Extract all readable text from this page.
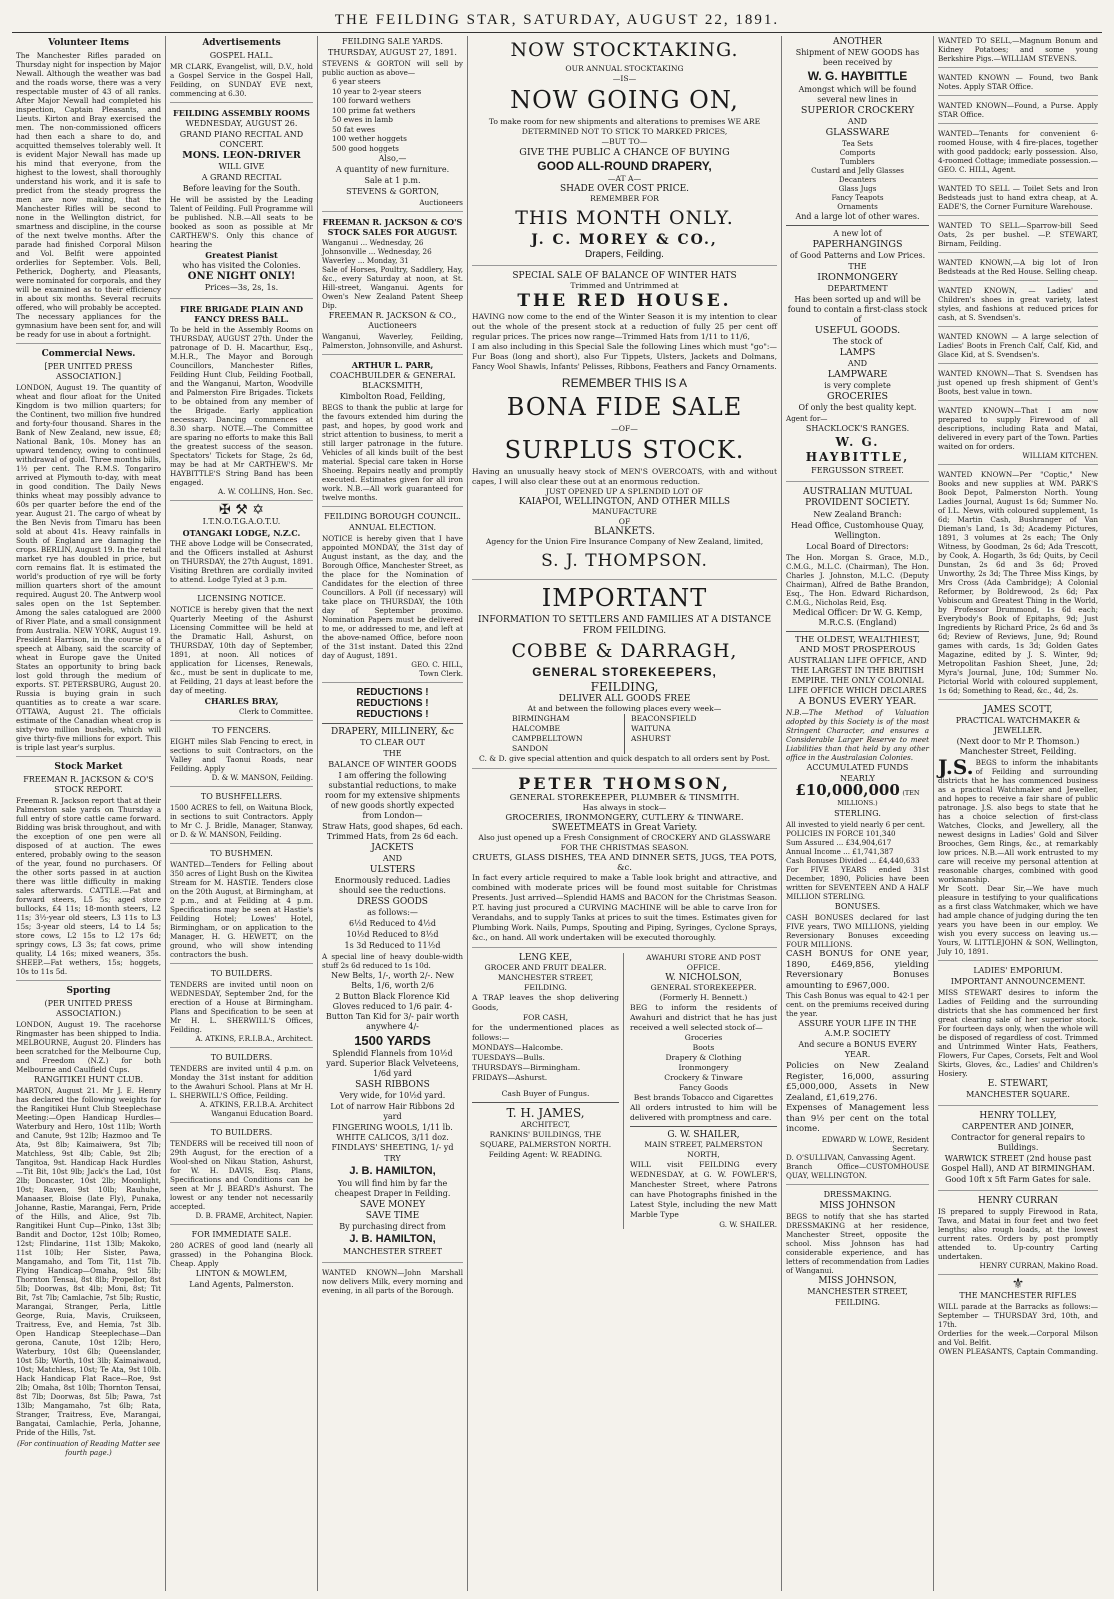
THE FEILDING STAR, SATURDAY, AUGUST 22, 1891.
Volunteer Items
The Manchester Rifles paraded on Thursday night for inspection by Major Newall. Although the weather was bad and the roads worse, there was a very respectable muster of 43 of all ranks. After Major Newall had completed his inspection, Captain Pleasants, and Lieuts. Kirton and Bray exercised the men. The non-commissioned officers had then each a share to do, and acquitted themselves tolerably well. It is evident Major Newall has made up his mind that everyone, from the highest to the lowest, shall thoroughly understand his work, and it is safe to predict from the steady progress the men are now making, that the Manchester Rifles will be second to none in the Wellington district, for smartness and discipline, in the course of the next twelve months. After the parade had finished Corporal Milson and Vol. Belfit were appointed orderlies for September. Vols. Bell, Petherick, Dogherty, and Pleasants, were nominated for corporals, and they will be examined as to their efficiency in about six months. Several recruits offered, who will probably be accepted. The necessary appliances for the gymnasium have been sent for, and will be ready for use in about a fortnight.
Commercial News.
[PER UNITED PRESS ASSOCIATION.]
LONDON, August 19. The quantity of wheat and flour afloat for the United Kingdom is two million quarters; for the Continent, two million five hundred and forty-four thousand. Shares in the Bank of New Zealand, new issue, £8; National Bank, 10s. Money has an upward tendency, owing to continued withdrawal of gold. Three months bills, 1½ per cent. The R.M.S. Tongariro arrived at Plymouth to-day, with meat in good condition. The Daily News thinks wheat may possibly advance to 60s per quarter before the end of the year. August 21. The cargo of wheat by the Ben Nevis from Timaru has been sold at about 41s. Heavy rainfalls in South of England are damaging the crops. BERLIN, August 19. In the retail market rye has doubled in price, but corn remains flat. It is estimated the world's production of rye will be forty million quarters short of the amount required. August 20. The Antwerp wool sales open on the 1st September. Among the sales catalogued are 2000 of River Plate, and a small consignment from Australia. NEW YORK, August 19. President Harrison, in the course of a speech at Albany, said the scarcity of wheat in Europe gave the United States an opportunity to bring back lost gold through the medium of exports. ST. PETERSBURG, August 20. Russia is buying grain in such quantities as to create a war scare. OTTAWA, August 21. The officials estimate of the Canadian wheat crop is sixty-two million bushels, which will give thirty-five millions for export. This is triple last year's surplus.
Stock Market
FREEMAN R. JACKSON & CO'S STOCK REPORT.
Freeman R. Jackson report that at their Palmerston sale yards on Thursday a full entry of store cattle came forward. Bidding was brisk throughout, and with the exception of one pen were all disposed of at auction. The ewes entered, probably owing to the season of the year, found no purchasers. Of the other sorts passed in at auction there was little difficulty in making sales afterwards. CATTLE.—Fat and forward steers, L5 5s; aged store bullocks, £4 11s; 18-month steers, L2 11s; 3½-year old steers, L3 11s to L3 15s; 3-year old steers, L4 to L4 5s; store cows, L2 15s to L2 17s 6d; springy cows, L3 3s; fat cows, prime quality, L4 16s; mixed weaners, 35s. SHEEP.—Fat wethers, 15s; hoggets, 10s to 11s 5d.
Sporting
(PER UNITED PRESS ASSOCIATION.)
LONDON, August 19. The racehorse Ringmaster has been shipped to India. MELBOURNE, August 20. Flinders has been scratched for the Melbourne Cup, and Freedom (N.Z.) for both Melbourne and Caulfield Cups.
RANGITIKEI HUNT CLUB.
MARTON, August 21. Mr J. E. Henry has declared the following weights for the Rangitikei Hunt Club Steeplechase Meeting:—Open Handicap Hurdles—Waterbury and Hero, 10st 11lb; Worth and Canute, 9st 12lb; Hazmoo and Te Ata, 9st 8lb; Kaimaiwera, 9st 7lb; Matchless, 9st 4lb; Cable, 9st 2lb; Tangitoa, 9st. Handicap Hack Hurdles—Tit Bit, 10st 9lb; Jack's the Lad, 10st 2lb; Doncaster, 10st 2lb; Moonlight, 10st; Raven, 9st 10lb; Rauhuhe, Manaaser, Bloise (late Fly), Punaka, Johanne, Rastie, Marangai, Fern, Pride of the Hills, and Alice, 9st 7lb. Rangitikei Hunt Cup—Pinko, 13st 3lb; Bandit and Doctor, 12st 10lb; Romeo, 12st; Flindarine, 11st 13lb; Makoko, 11st 10lb; Her Sister, Pawa, Mangamaho, and Tom Tit, 11st 7lb. Flying Handicap—Omaha, 9st 5lb; Thornton Tensai, 8st 8lb; Propellor, 8st 5lb; Doorwas, 8st 4lb; Moni, 8st; Tit Bit, 7st 7lb; Camlachie, 7st 5lb; Rustic, Marangai, Stranger, Perla, Little George, Ruia, Mavis, Cruikseen, Traitress, Eve, and Hemia, 7st 3lb. Open Handicap Steeplechase—Dan gerona, Canute, 10st 12lb; Hero, Waterbury, 10st 6lb; Queenslander, 10st 5lb; Worth, 10st 3lb; Kaimaiwaud, 10st; Matchless, 10st; Te Ata, 9st 10lb. Hack Handicap Flat Race—Roe, 9st 2lb; Omaha, 8st 10lb; Thornton Tensai, 8st 7lb; Doorwas, 8st 5lb; Pawa, 7st 13lb; Mangamaho, 7st 6lb; Rata, Stranger, Traitress, Eve, Marangai, Bangatai, Camlachie, Perla, Johanne, Pride of the Hills, 7st.
(For continuation of Reading Matter see fourth page.)
Advertisements
GOSPEL HALL.
MR CLARK, Evangelist, will, D.V., hold a Gospel Service in the Gospel Hall, Feilding, on SUNDAY EVE next, commencing at 6.30.
FEILDING ASSEMBLY ROOMS
WEDNESDAY, AUGUST 26.
GRAND PIANO RECITAL AND CONCERT.
MONS. LEON-DRIVER
WILL GIVE
A GRAND RECITAL
Before leaving for the South.
He will be assisted by the Leading Talent of Feilding. Full Programme will be published. N.B.—All seats to be booked as soon as possible at Mr CARTHEW'S. Only this chance of hearing the
Greatest Pianist
who has visited the Colonies.
ONE NIGHT ONLY!
Prices—3s, 2s, 1s.
FIRE BRIGADE PLAIN AND FANCY DRESS BALL.
To be held in the Assembly Rooms on THURSDAY, AUGUST 27th. Under the patronage of D. H. Macarthur, Esq., M.H.R., The Mayor and Borough Councillors, Manchester Rifles, Feilding Hunt Club, Feilding Football, and the Wanganui, Marton, Woodville and Palmerston Fire Brigades. Tickets to be obtained from any member of the Brigade. Early application necessary. Dancing commences at 8.30 sharp. NOTE.—The Committee are sparing no efforts to make this Ball the greatest success of the season. Spectators' Tickets for Stage, 2s 6d, may be had at Mr CARTHEW'S. Mr HAYBITTLE'S String Band has been engaged.
A. W. COLLINS, Hon. Sec.
✠ ⚒ ✡
I.T.N.O.T.G.A.O.T.U.
OTANGAKI LODGE, N.Z.C.
THE above Lodge will be Consecrated, and the Officers installed at Ashurst on THURSDAY, the 27th August, 1891. Visiting Brethren are cordially invited to attend. Lodge Tyled at 3 p.m.
LICENSING NOTICE.
NOTICE is hereby given that the next Quarterly Meeting of the Ashurst Licensing Committee will be held at the Dramatic Hall, Ashurst, on THURSDAY, 10th day of September, 1891, at noon. All notices of application for Licenses, Renewals, &c., must be sent in duplicate to me, at Feilding, 21 days at least before the day of meeting.
CHARLES BRAY,
Clerk to Committee.
TO FENCERS.
EIGHT miles Slab Fencing to erect, in sections to suit Contractors, on the Valley and Taonui Roads, near Feilding. Apply
D. & W. MANSON, Feilding.
TO BUSHFELLERS.
1500 ACRES to fell, on Waituna Block, in sections to suit Contractors. Apply to Mr C. J. Bridle, Manager, Stanway, or D. & W. MANSON, Feilding.
TO BUSHMEN.
WANTED—Tenders for Felling about 350 acres of Light Bush on the Kiwitea Stream for M. HASTIE. Tenders close on the 20th August, at Birmingham, at 2 p.m., and at Feilding at 4 p.m. Specifications may be seen at Hastie's Feilding Hotel; Lowes' Hotel, Birmingham, or on application to the Manager, H. G. HEWETT, on the ground, who will show intending contractors the bush.
TO BUILDERS.
TENDERS are invited until noon on WEDNESDAY, September 2nd, for the erection of a House at Birmingham. Plans and Specification to be seen at Mr H. L. SHERWILL'S Offices, Feilding.
A. ATKINS, F.R.I.B.A., Architect.
TO BUILDERS.
TENDERS are invited until 4 p.m. on Monday the 31st instant for addition to the Awahuri School. Plans at Mr H. L. SHERWILL'S Office, Feilding.
A. ATKINS, F.R.I.B.A. Architect Wanganui Education Board.
TO BUILDERS.
TENDERS will be received till noon of 29th August, for the erection of a Wool-shed on Nikau Station, Ashurst, for W. H. DAVIS, Esq. Plans, Specifications and Conditions can be seen at Mr J. BEARD's Ashurst. The lowest or any tender not necessarily accepted.
D. B. FRAME, Architect, Napier.
FOR IMMEDIATE SALE.
280 ACRES of good land (nearly all grassed) in the Pohangina Block. Cheap. Apply
LINTON & MOWLEM,
Land Agents, Palmerston.
FEILDING SALE YARDS.
THURSDAY, AUGUST 27, 1891.
STEVENS & GORTON will sell by public auction as above—
6 year steers
10 year to 2-year steers
100 forward wethers
100 prime fat wethers
50 ewes in lamb
50 fat ewes
100 wether hoggets
500 good hoggets
Also,—
A quantity of new furniture.
Sale at 1 p.m.
STEVENS & GORTON,
Auctioneers
FREEMAN R. JACKSON & CO'S STOCK SALES FOR AUGUST.
Wanganui ... Wednesday, 26
Johnsonville ... Wednesday, 26
Waverley ... Monday, 31
Sale of Horses, Poultry, Saddlery, Hay, &c., every Saturday at noon, at St. Hill-street, Wanganui. Agents for Owen's New Zealand Patent Sheep Dip.
FREEMAN R. JACKSON & CO., Auctioneers
Wanganui, Waverley, Feilding, Palmerston, Johnsonville, and Ashurst.
ARTHUR L. PARR,
COACHBUILDER & GENERAL BLACKSMITH,
Kimbolton Road, Feilding,
BEGS to thank the public at large for the favours extended him during the past, and hopes, by good work and strict attention to business, to merit a still larger patronage in the future. Vehicles of all kinds built of the best material. Special care taken in Horse Shoeing. Repairs neatly and promptly executed. Estimates given for all iron work. N.B.—All work guaranteed for twelve months.
FEILDING BOROUGH COUNCIL.
ANNUAL ELECTION.
NOTICE is hereby given that I have appointed MONDAY, the 31st day of August instant, as the day, and the Borough Office, Manchester Street, as the place for the Nomination of Candidates for the election of three Councillors. A Poll (if necessary) will take place on THURSDAY, the 10th day of September proximo. Nomination Papers must be delivered to me, or addressed to me, and left at the above-named Office, before noon of the 31st instant. Dated this 22nd day of August, 1891.
GEO. C. HILL,
Town Clerk.
REDUCTIONS !
REDUCTIONS !
REDUCTIONS !
DRAPERY, MILLINERY, &c
TO CLEAR OUT
THE
BALANCE OF WINTER GOODS
I am offering the following substantial reductions, to make room for my extensive shipments of new goods shortly expected from London—
Straw Hats, good shapes, 6d each. Trimmed Hats, from 2s 6d each.
JACKETS
AND
ULSTERS
Enormously reduced. Ladies should see the reductions.
DRESS GOODS
as follows:—
6½d Reduced to 4½d
10½d Reduced to 8½d
1s 3d Reduced to 11½d
A special line of heavy double-width stuff 2s 6d reduced to 1s 10d.
New Belts, 1/-, worth 2/-. New Belts, 1/6, worth 2/6
2 Button Black Florence Kid Gloves reduced to 1/6 pair. 4-Button Tan Kid for 3/- pair worth anywhere 4/-
1500 YARDS
Splendid Flannels from 10½d yard. Superior Black Velveteens, 1/6d yard
SASH RIBBONS
Very wide, for 10½d yard.
Lot of narrow Hair Ribbons 2d yard
FINGERING WOOLS, 1/11 lb. WHITE CALICOS, 3/11 doz. FINDLAYS' SHEETING, 1/- yd
TRY
J. B. HAMILTON,
You will find him by far the cheapest Draper in Feilding.
SAVE MONEY
SAVE TIME
By purchasing direct from
J. B. HAMILTON,
MANCHESTER STREET
WANTED KNOWN—John Marshall now delivers Milk, every morning and evening, in all parts of the Borough.
NOW STOCKTAKING.
OUR ANNUAL STOCKTAKING
—IS—
NOW GOING ON,
To make room for new shipments and alterations to premises WE ARE DETERMINED NOT TO STICK TO MARKED PRICES,
—BUT TO—
GIVE THE PUBLIC A CHANCE OF BUYING
GOOD ALL-ROUND DRAPERY,
—AT A—
SHADE OVER COST PRICE.
REMEMBER FOR
THIS MONTH ONLY.
J. C. MOREY & CO.,
Drapers, Feilding.
SPECIAL SALE OF BALANCE OF WINTER HATS
Trimmed and Untrimmed at
THE RED HOUSE.
HAVING now come to the end of the Winter Season it is my intention to clear out the whole of the present stock at a reduction of fully 25 per cent off regular prices. The prices now range—Trimmed Hats from 1/11 to 11/6,
I am also including in this Special Sale the following Lines which must "go":—Fur Boas (long and short), also Fur Tippets, Ulsters, Jackets and Dolmans, Fancy Wool Shawls, Infants' Pelisses, Ribbons, Feathers and Fancy Ornaments.
REMEMBER THIS IS A
BONA FIDE SALE
—OF—
SURPLUS STOCK.
Having an unusually heavy stock of MEN'S OVERCOATS, with and without capes, I will also clear these out at an enormous reduction.
JUST OPENED UP A SPLENDID LOT OF
KAIAPOI, WELLINGTON, AND OTHER MILLS
MANUFACTURE
OF
BLANKETS.
Agency for the Union Fire Insurance Company of New Zealand, limited,
S. J. THOMPSON.
IMPORTANT
INFORMATION TO SETTLERS AND FAMILIES AT A DISTANCE FROM FEILDING.
COBBE & DARRAGH,
GENERAL STOREKEEPERS,
FEILDING,
DELIVER ALL GOODS FREE
At and between the following places every week—
BIRMINGHAM
HALCOMBE
CAMPBELLTOWN
SANDON
BEACONSFIELD
WAITUNA
ASHURST
C. & D. give special attention and quick despatch to all orders sent by Post.
PETER THOMSON,
GENERAL STOREKEEPER, PLUMBER & TINSMITH.
Has always in stock—
GROCERIES, IRONMONGERY, CUTLERY & TINWARE.
SWEETMEATS in Great Variety.
Also just opened up a Fresh Consignment of CROCKERY AND GLASSWARE FOR THE CHRISTMAS SEASON.
CRUETS, GLASS DISHES, TEA AND DINNER SETS, JUGS, TEA POTS, &c.
In fact every article required to make a Table look bright and attractive, and combined with moderate prices will be found most suitable for Christmas Presents. Just arrived—Splendid HAMS and BACON for the Christmas Season. P.T. having just procured a CURVING MACHINE will be able to carve Iron for Verandahs, and to supply Tanks at prices to suit the times. Estimates given for Plumbing Work. Nails, Pumps, Spouting and Piping, Syringes, Cyclone Sprays, &c., on hand. All work undertaken will be executed thoroughly.
LENG KEE,
GROCER AND FRUIT DEALER.
MANCHESTER STREET,
FEILDING.
A TRAP leaves the shop delivering Goods,
FOR CASH,
for the undermentioned places as follows:—
MONDAYS—Halcombe.
TUESDAYS—Bulls.
THURSDAYS—Birmingham.
FRIDAYS—Ashurst.
Cash Buyer of Fungus.
T. H. JAMES,
ARCHITECT,
RANKINS' BUILDINGS, THE SQUARE, PALMERSTON NORTH.
Feilding Agent: W. READING.
AWAHURI STORE AND POST OFFICE.
W. NICHOLSON,
GENERAL STOREKEEPER.
(Formerly H. Bennett.)
BEG to inform the residents of Awahuri and district that he has just received a well selected stock of—
Groceries
Boots
Drapery & Clothing
Ironmongery
Crockery & Tinware
Fancy Goods
Best brands Tobacco and Cigarettes
All orders intrusted to him will be delivered with promptness and care.
G. W. SHAILER,
MAIN STREET, PALMERSTON NORTH,
WILL visit FEILDING every WEDNESDAY, at G. W. FOWLER'S, Manchester Street, where Patrons can have Photographs finished in the Latest Style, including the new Matt Marble Type
G. W. SHAILER.
ANOTHER
Shipment of NEW GOODS has been received by
W. G. HAYBITTLE
Amongst which will be found several new lines in
SUPERIOR CROCKERY
AND
GLASSWARE
Tea Sets
Comports
Tumblers
Custard and Jelly Glasses
Decanters
Glass Jugs
Fancy Teapots
Ornaments
And a large lot of other wares.
A new lot of
PAPERHANGINGS
of Good Patterns and Low Prices.
THE
IRONMONGERY
DEPARTMENT
Has been sorted up and will be found to contain a first-class stock of
USEFUL GOODS.
The stock of
LAMPS
AND
LAMPWARE
is very complete
GROCERIES
Of only the best quality kept.
Agent for—
SHACKLOCK'S RANGES.
W. G. HAYBITTLE,
FERGUSSON STREET.
AUSTRALIAN MUTUAL PROVIDENT SOCIETY.
New Zealand Branch:
Head Office, Customhouse Quay, Wellington.
Local Board of Directors:
The Hon. Morgan S. Grace, M.D., C.M.G., M.L.C. (Chairman), The Hon. Charles J. Johnston, M.L.C. (Deputy Chairman), Alfred de Bathe Brandon, Esq., The Hon. Edward Richardson, C.M.G., Nicholas Reid, Esq.
Medical Officer: Dr W. G. Kemp, M.R.C.S. (England)
THE OLDEST, WEALTHIEST, AND MOST PROSPEROUS
AUSTRALIAN LIFE OFFICE, AND THE LARGEST IN THE BRITISH EMPIRE. THE ONLY COLONIAL LIFE OFFICE WHICH DECLARES
A BONUS EVERY YEAR.
N.B.—The Method of Valuation adopted by this Society is of the most Stringent Character, and ensures a Considerable Larger Reserve to meet Liabilities than that held by any other office in the Australasian Colonies.
ACCUMULATED FUNDS
NEARLY
£10,000,000 (TEN MILLIONS.)
STERLING.
All invested to yield nearly 6 per cent.
POLICIES IN FORCE 101,340
Sum Assured ... £34,904,617
Annual Income ... £1,741,387
Cash Bonuses Divided ... £4,440,633
For FIVE YEARS ended 31st December, 1890, Policies have been written for SEVENTEEN AND A HALF MILLION STERLING.
BONUSES.
CASH BONUSES declared for last FIVE years, TWO MILLIONS, yielding Reversionary Bonuses exceeding FOUR MILLIONS.
CASH BONUS for ONE year, 1890, £469,856, yielding Reversionary Bonuses amounting to £967,000.
This Cash Bonus was equal to 42·1 per cent. on the premiums received during the year.
ASSURE YOUR LIFE IN THE A.M.P. SOCIETY
And secure a BONUS EVERY YEAR.
Policies on New Zealand Register, 16,000, assuring £5,000,000, Assets in New Zealand, £1,619,276.
Expenses of Management less than 9½ per cent on the total income.
EDWARD W. LOWE, Resident Secretary.
D. O'SULLIVAN, Canvassing Agent.
Branch Office—CUSTOMHOUSE QUAY, WELLINGTON.
DRESSMAKING.
MISS JOHNSON
BEGS to notify that she has started DRESSMAKING at her residence, Manchester Street, opposite the school. Miss Johnson has had considerable experience, and has letters of recommendation from Ladies of Wanganui.
MISS JOHNSON,
MANCHESTER STREET,
FEILDING.
WANTED TO SELL,—Magnum Bonum and Kidney Potatoes; and some young Berkshire Pigs.—WILLIAM STEVENS.
WANTED KNOWN — Found, two Bank Notes. Apply STAR Office.
WANTED KNOWN—Found, a Purse. Apply STAR Office.
WANTED—Tenants for convenient 6-roomed House, with 4 fire-places, together with good paddock; early possession. Also, 4-roomed Cottage; immediate possession.—GEO. C. HILL, Agent.
WANTED TO SELL — Toilet Sets and Iron Bedsteads just to hand extra cheap, at A. EADE'S, the Corner Furniture Warehouse.
WANTED TO SELL—Sparrow-bill Seed Oats, 2s per bushel. —P. STEWART, Birnam, Feilding.
WANTED KNOWN,—A big lot of Iron Bedsteads at the Red House. Selling cheap.
WANTED KNOWN, — Ladies' and Children's shoes in great variety, latest styles, and fashions at reduced prices for cash, at S. Svendsen's.
WANTED KNOWN — A large selection of Ladies' Boots in French Calf, Calf, Kid, and Glace Kid, at S. Svendsen's.
WANTED KNOWN—That S. Svendsen has just opened up fresh shipment of Gent's Boots, best value in town.
WANTED KNOWN—That I am now prepared to supply Firewood of all descriptions, including Rata and Matai, delivered in every part of the Town. Parties waited on for orders.
WILLIAM KITCHEN.
WANTED KNOWN—Per "Coptic," New Books and new supplies at WM. PARK'S Book Depot, Palmerston North. Young Ladies Journal, August 1s 6d; Summer No. of I.L. News, with coloured supplement, 1s 6d; Martin Cash, Bushranger of Van Dieman's Land, 1s 3d; Academy Pictures, 1891, 3 volumes at 2s each; The Only Witness, by Goodman, 2s 6d; Ada Trescott, by Cook, A. Hogarth, 3s 6d; Quits, by Cecil Dunstan, 2s 6d and 3s 6d; Proved Unworthy, 2s 3d; The Three Miss Kings, by Mrs Cross (Ada Cambridge); A Colonial Reformer, by Boldrewood, 2s 6d; Pax Vobiscum and Greatest Thing in the World, by Professor Drummond, 1s 6d each; Everybody's Book of Epitaphs, 9d; Just Ingredients by Richard Price, 2s 6d and 3s 6d; Review of Reviews, June, 9d; Round games with cards, 1s 3d; Golden Gates Magazine, edited by J. S. Winter, 9d; Metropolitan Fashion Sheet, June, 2d; Myra's Journal, June, 10d; Summer No. Pictorial World with coloured supplement, 1s 6d; Something to Read, &c., 4d, 2s.
JAMES SCOTT,
PRACTICAL WATCHMAKER & JEWELLER.
(Next door to Mr P. Thomson.) Manchester Street, Feilding.
J.S. BEGS to inform the inhabitants of Feilding and surrounding districts that he has commenced business as a practical Watchmaker and Jeweller, and hopes to receive a fair share of public patronage. J.S. also begs to state that he has a choice selection of first-class Watches, Clocks, and Jewellery, all the newest designs in Ladies' Gold and Silver Brooches, Gem Rings, &c., at remarkably low prices. N.B.—All work entrusted to my care will receive my personal attention at reasonable charges, combined with good workmanship.
Mr Scott. Dear Sir,—We have much pleasure in testifying to your qualifications as a first class Watchmaker, which we have had ample chance of judging during the ten years you have been in our employ. We wish you every success on leaving us.—Yours, W. LITTLEJOHN & SON, Wellington, July 10, 1891.
LADIES' EMPORIUM.
IMPORTANT ANNOUNCEMENT.
MISS STEWART desires to inform the Ladies of Feilding and the surrounding districts that she has commenced her first great clearing sale of her superior stock. For fourteen days only, when the whole will be disposed of regardless of cost. Trimmed and Untrimmed Winter Hats, Feathers, Flowers, Fur Capes, Corsets, Felt and Wool Skirts, Gloves, &c., Ladies' and Children's Hosiery.
E. STEWART,
MANCHESTER SQUARE.
HENRY TOLLEY,
CARPENTER AND JOINER,
Contractor for general repairs to Buildings.
WARWICK STREET (2nd house past Gospel Hall), AND AT BIRMINGHAM.
Good 10ft x 5ft Farm Gates for sale.
HENRY CURRAN
IS prepared to supply Firewood in Rata, Tawa, and Matai in four feet and two feet lengths; also rough loads, at the lowest current rates. Orders by post promptly attended to. Up-country Carting undertaken.
HENRY CURRAN, Makino Road.
⚜
THE MANCHESTER RIFLES
WILL parade at the Barracks as follows:—September — THURSDAY 3rd, 10th, and 17th.
Orderlies for the week.—Corporal Milson and Vol. Belfit.
OWEN PLEASANTS, Captain Commanding.
